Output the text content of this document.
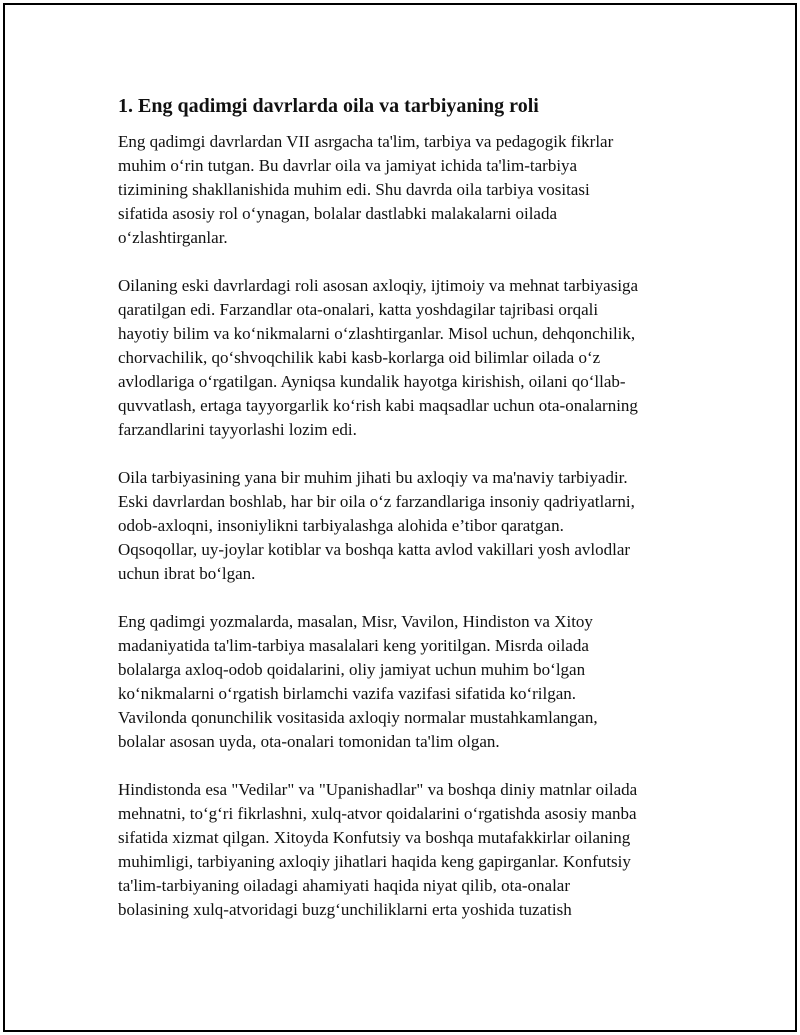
1. Eng qadimgi davrlarda oila va tarbiyaning roli

Eng qadimgi davrlardan VII asrgacha ta'lim, tarbiya va pedagogik fikrlar
muhim o‘rin tutgan. Bu davrlar oila va jamiyat ichida ta'lim-tarbiya
tizimining shakllanishida muhim edi. Shu davrda oila tarbiya vositasi
sifatida asosiy rol o‘ynagan, bolalar dastlabki malakalarni oilada
o‘zlashtirganlar.

Oilaning eski davrlardagi roli asosan axloqiy, ijtimoiy va mehnat tarbiyasiga
qaratilgan edi. Farzandlar ota-onalari, katta yoshdagilar tajribasi orqali
hayotiy bilim va ko‘nikmalarni o‘zlashtirganlar. Misol uchun, dehqonchilik,
chorvachilik, qo‘shvoqchilik kabi kasb-korlarga oid bilimlar oilada o‘z
avlodlariga o‘rgatilgan. Ayniqsa kundalik hayotga kirishish, oilani qo‘llab-
quvvatlash, ertaga tayyorgarlik ko‘rish kabi maqsadlar uchun ota-onalarning
farzandlarini tayyorlashi lozim edi.

Oila tarbiyasining yana bir muhim jihati bu axloqiy va ma'naviy tarbiyadir.
Eski davrlardan boshlab, har bir oila o‘z farzandlariga insoniy qadriyatlarni,
odob-axloqni, insoniylikni tarbiyalashga alohida e’tibor qaratgan.
Oqsoqollar, uy-joylar kotiblar va boshqa katta avlod vakillari yosh avlodlar
uchun ibrat bo‘lgan.

Eng qadimgi yozmalarda, masalan, Misr, Vavilon, Hindiston va Xitoy
madaniyatida ta'lim-tarbiya masalalari keng yoritilgan. Misrda oilada
bolalarga axloq-odob qoidalarini, oliy jamiyat uchun muhim bo‘lgan
ko‘nikmalarni o‘rgatish birlamchi vazifa vazifasi sifatida ko‘rilgan.
Vavilonda qonunchilik vositasida axloqiy normalar mustahkamlangan,
bolalar asosan uyda, ota-onalari tomonidan ta'lim olgan.

Hindistonda esa "Vedilar" va "Upanishadlar" va boshqa diniy matnlar oilada
mehnatni, to‘g‘ri fikrlashni, xulq-atvor qoidalarini o‘rgatishda asosiy manba
sifatida xizmat qilgan. Xitoyda Konfutsiy va boshqa mutafakkirlar oilaning
muhimligi, tarbiyaning axloqiy jihatlari haqida keng gapirganlar. Konfutsiy
ta'lim-tarbiyaning oiladagi ahamiyati haqida niyat qilib, ota-onalar
bolasining xulq-atvoridagi buzg‘unchiliklarni erta yoshida tuzatish
